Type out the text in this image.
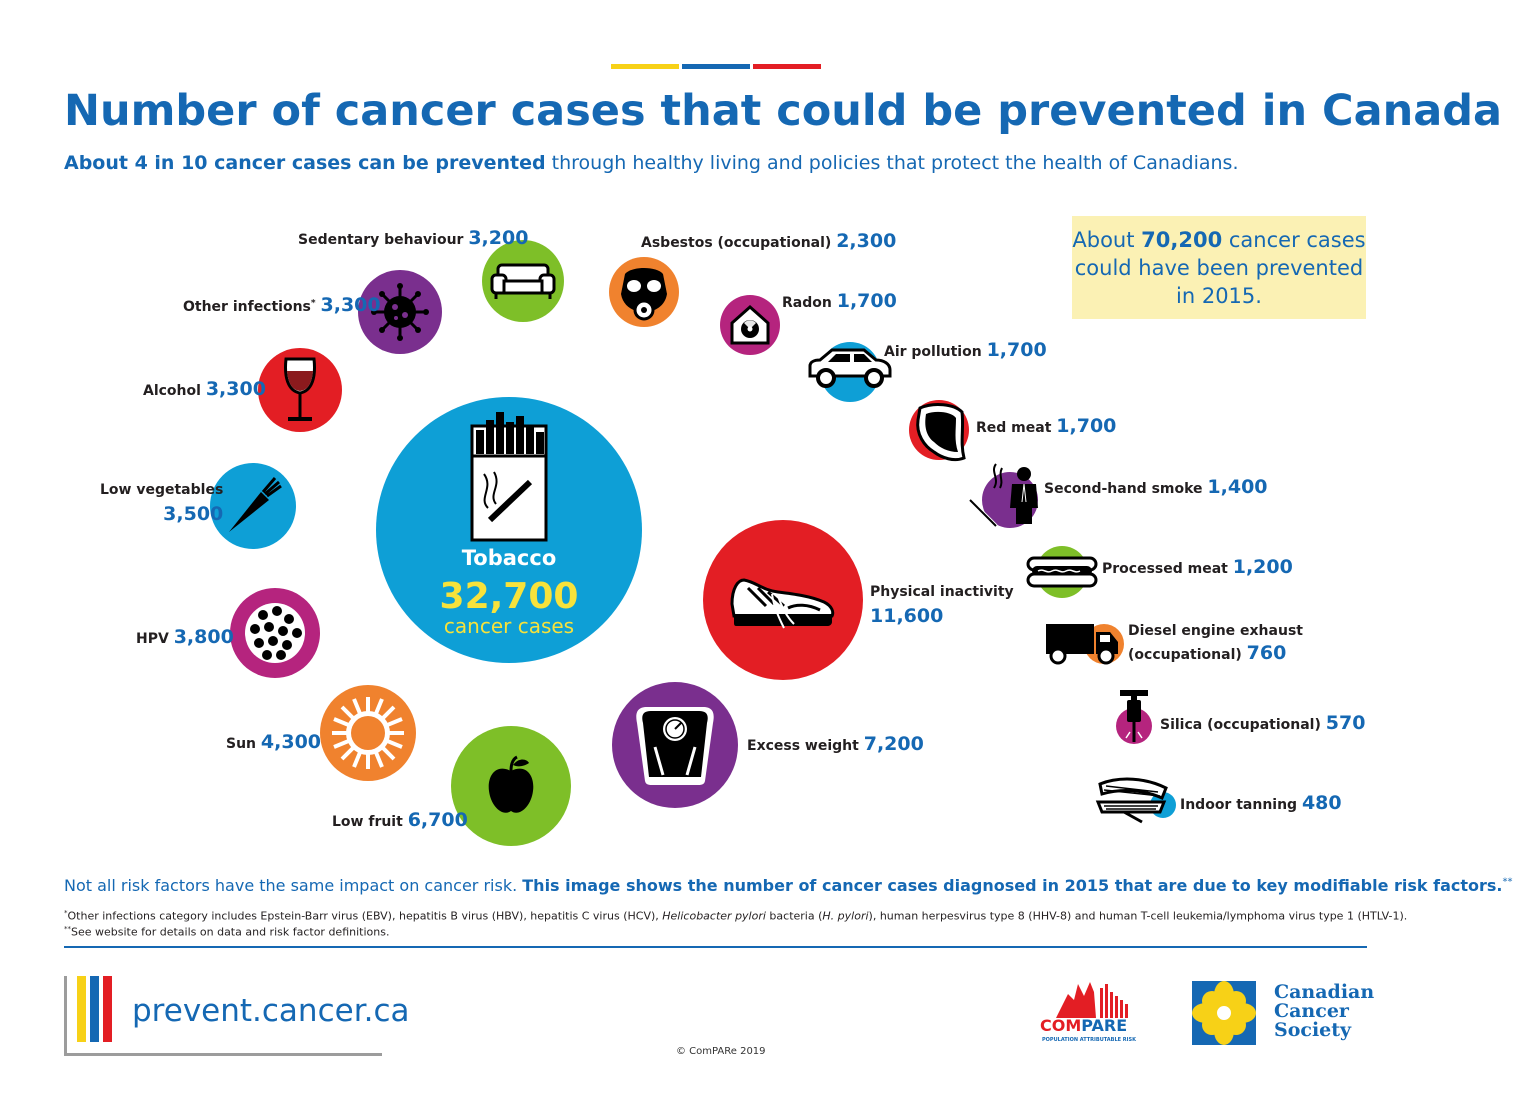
Number of cancer cases that could be prevented in Canada
About 4 in 10 cancer cases can be prevented through healthy living and policies that protect the health of Canadians.
About 70,200 cancer cases could have been prevented in 2015.
Tobacco
32,700
cancer cases
Sedentary behaviour 3,200
Other infections* 3,300
Alcohol 3,300
Low vegetables
3,500
HPV 3,800
Sun 4,300
Low fruit 6,700
Excess weight 7,200
Physical inactivity
11,600
Asbestos (occupational) 2,300
Radon 1,700
Air pollution 1,700
Red meat 1,700
Second-hand smoke 1,400
Processed meat 1,200
Diesel engine exhaust
(occupational) 760
Silica (occupational) 570
Indoor tanning 480
Not all risk factors have the same impact on cancer risk. This image shows the number of cancer cases diagnosed in 2015 that are due to key modifiable risk factors.**
*Other infections category includes Epstein-Barr virus (EBV), hepatitis B virus (HBV), hepatitis C virus (HCV), Helicobacter pylori bacteria (H. pylori), human herpesvirus type 8 (HHV-8) and human T-cell leukemia/lymphoma virus type 1 (HTLV-1).
**See website for details on data and risk factor definitions.
prevent.cancer.ca
© ComPARe 2019
COMPARE
POPULATION ATTRIBUTABLE RISK
Canadian
Cancer
Society
